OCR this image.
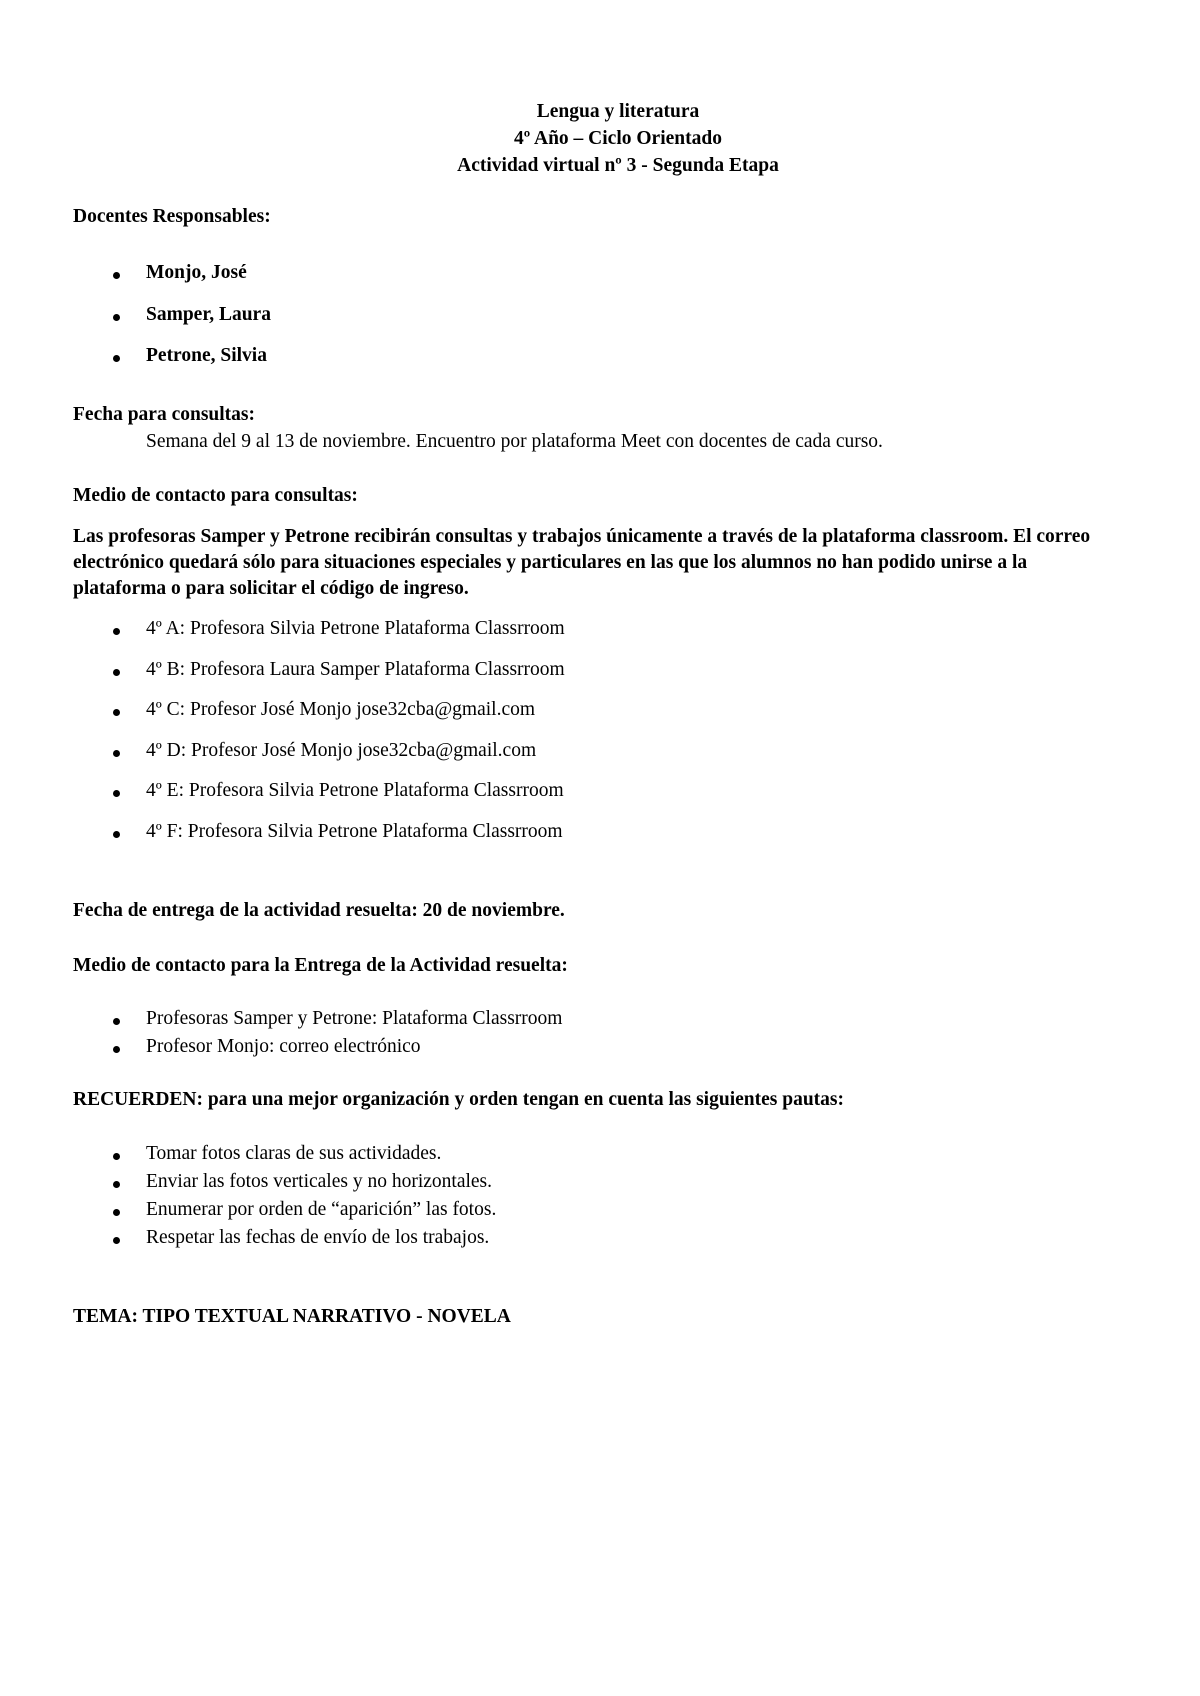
Lengua y literatura
4º Año – Ciclo Orientado
Actividad virtual nº 3 - Segunda Etapa
Docentes Responsables:
Monjo, José
Samper, Laura
Petrone, Silvia
Fecha para consultas:
Semana del 9 al 13 de noviembre. Encuentro por plataforma Meet con docentes de cada curso.
Medio de contacto para consultas:
Las profesoras Samper y Petrone recibirán consultas y trabajos únicamente a través de la plataforma classroom. El correo electrónico quedará sólo para situaciones especiales y particulares en las que los alumnos no han podido unirse a la plataforma o para solicitar el código de ingreso.
4º A: Profesora Silvia Petrone Plataforma Classrroom
4º B: Profesora Laura Samper Plataforma Classrroom
4º C: Profesor José Monjo jose32cba@gmail.com
4º D: Profesor José Monjo jose32cba@gmail.com
4º E: Profesora Silvia Petrone Plataforma Classrroom
4º F: Profesora Silvia Petrone Plataforma Classrroom
Fecha de entrega de la actividad resuelta: 20 de noviembre.
Medio de contacto para la Entrega de la Actividad resuelta:
Profesoras Samper y Petrone: Plataforma Classrroom
Profesor Monjo: correo electrónico
RECUERDEN: para una mejor organización y orden tengan en cuenta las siguientes pautas:
Tomar fotos claras de sus actividades.
Enviar las fotos verticales y no horizontales.
Enumerar por orden de “aparición” las fotos.
Respetar las fechas de envío de los trabajos.
TEMA: TIPO TEXTUAL NARRATIVO - NOVELA
